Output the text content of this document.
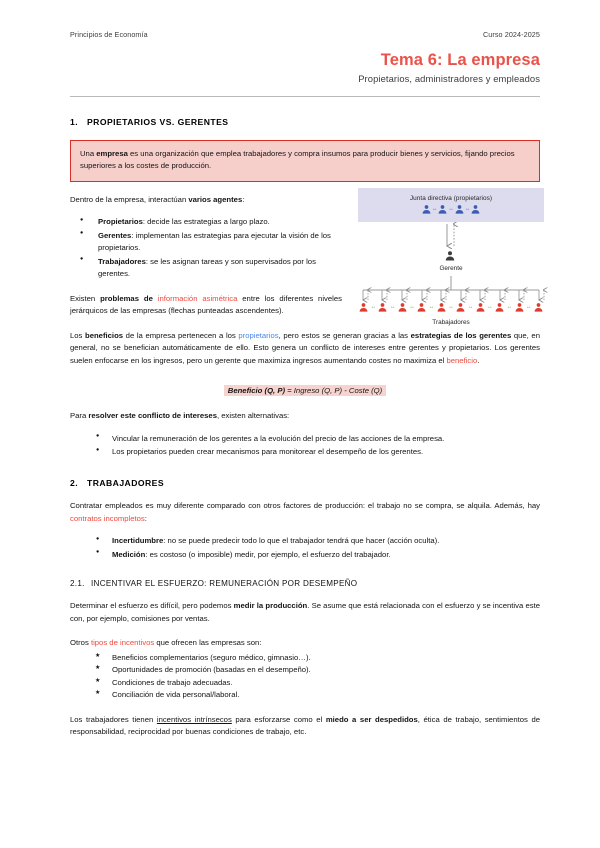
Principios de Economía	Curso 2024-2025
Tema 6: La empresa
Propietarios, administradores y empleados
1. PROPIETARIOS VS. GERENTES
Una empresa es una organización que emplea trabajadores y compra insumos para producir bienes y servicios, fijando precios superiores a los costes de producción.

Dentro de la empresa, interactúan varios agentes:

● Propietarios: decide las estrategias a largo plazo.
● Gerentes: implementan las estrategias para ejecutar la visión de los propietarios.
● Trabajadores: se les asignan tareas y son supervisados por los gerentes.

Existen problemas de información asimétrica entre los diferentes niveles jerárquicos de las empresas (flechas punteadas ascendentes).

Junta directiva (propietarios)
↔ ↔ ↔
Gerente
↔ ↔ ↔ ↔ ↔ ↔ ↔ ↔ ↔
Trabajadores

Los beneficios de la empresa pertenecen a los propietarios, pero estos se generan gracias a las estrategias de los gerentes que, en general, no se benefician automáticamente de ello. Esto genera un conflicto de intereses entre gerentes y propietarios. Los gerentes suelen enfocarse en los ingresos, pero un gerente que maximiza ingresos aumentando costes no maximiza el beneficio.

Beneficio (Q, P) = Ingreso (Q, P) - Coste (Q)

Para resolver este conflicto de intereses, existen alternativas:

● Vincular la remuneración de los gerentes a la evolución del precio de las acciones de la empresa.
● Los propietarios pueden crear mecanismos para monitorear el desempeño de los gerentes.
2. TRABAJADORES

Contratar empleados es muy diferente comparado con otros factores de producción: el trabajo no se compra, se alquila. Además, hay contratos incompletos:

● Incertidumbre: no se puede predecir todo lo que el trabajador tendrá que hacer (acción oculta).
● Medición: es costoso (o imposible) medir, por ejemplo, el esfuerzo del trabajador.
2.1. INCENTIVAR EL ESFUERZO: REMUNERACIÓN POR DESEMPEÑO

Determinar el esfuerzo es difícil, pero podemos medir la producción. Se asume que está relacionada con el esfuerzo y se incentiva este con, por ejemplo, comisiones por ventas.

Otros tipos de incentivos que ofrecen las empresas son:

★ Beneficios complementarios (seguro médico, gimnasio…).
★ Oportunidades de promoción (basadas en el desempeño).
★ Condiciones de trabajo adecuadas.
★ Conciliación de vida personal/laboral.

Los trabajadores tienen incentivos intrínsecos para esforzarse como el miedo a ser despedidos, ética de trabajo, sentimientos de responsabilidad, reciprocidad por buenas condiciones de trabajo, etc.
